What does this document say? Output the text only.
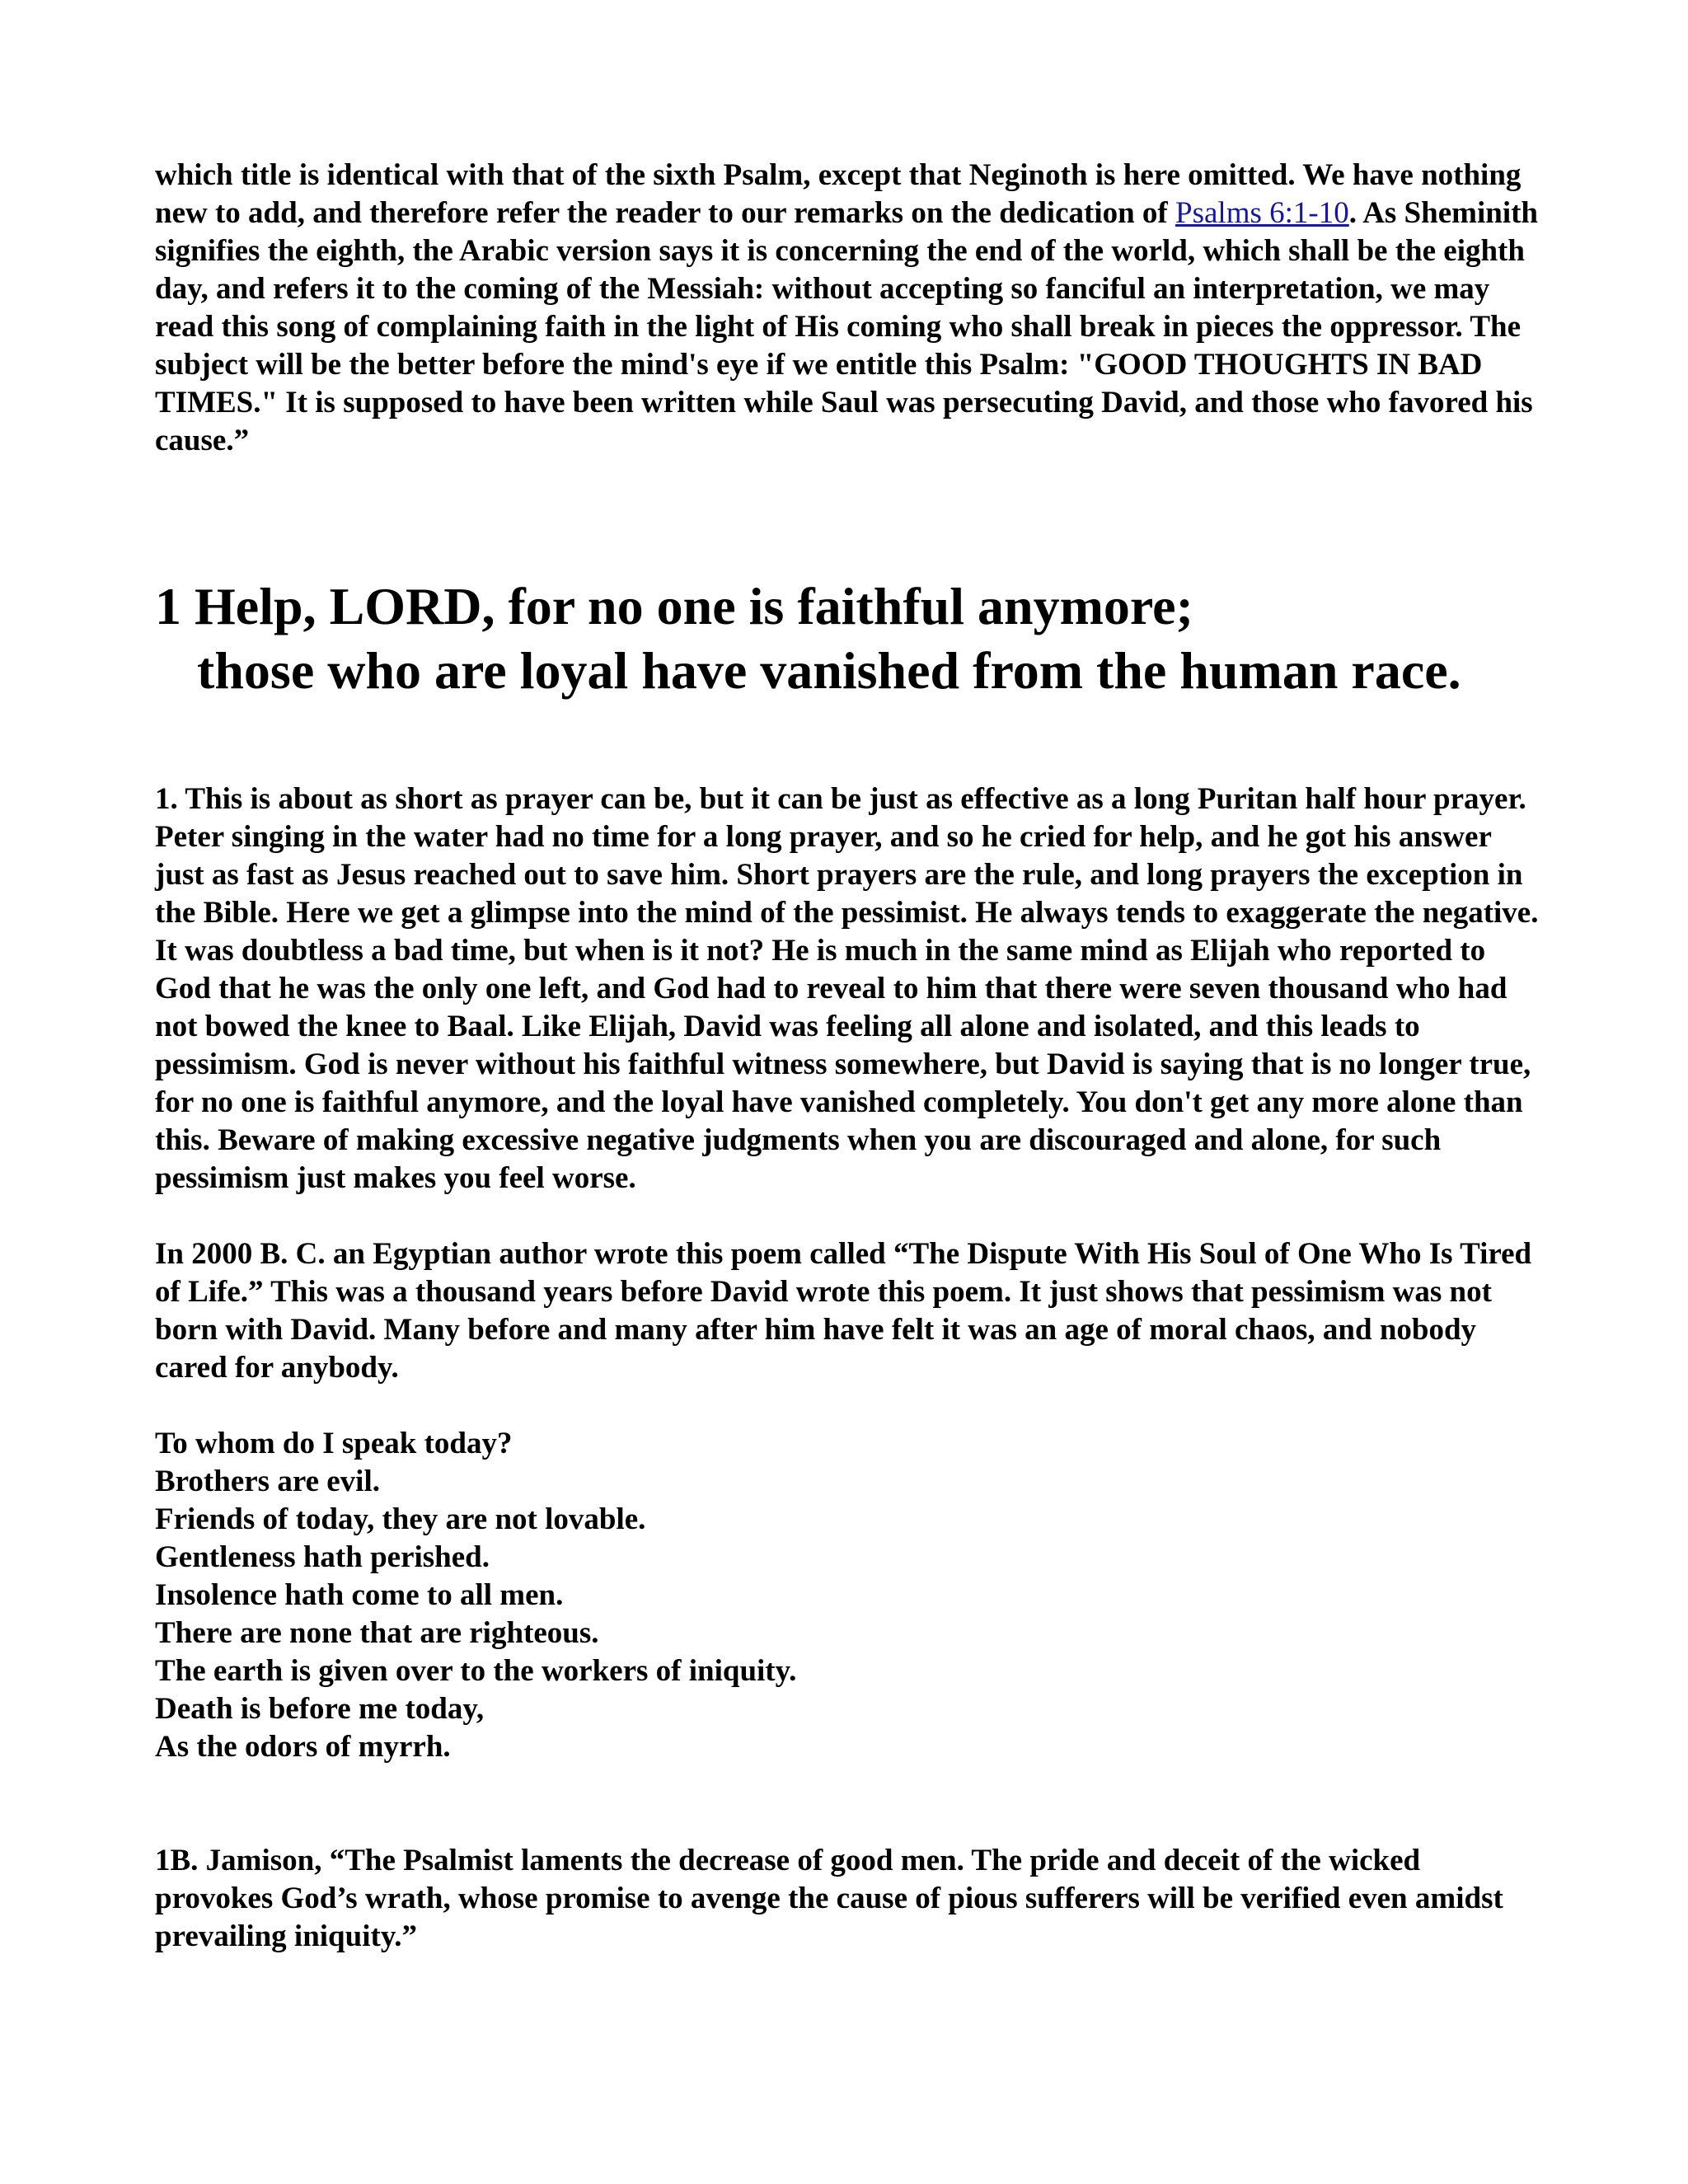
which title is identical with that of the sixth Psalm, except that Neginoth is here omitted. We have nothing new to add, and therefore refer the reader to our remarks on the dedication of Psalms 6:1-10. As Sheminith signifies the eighth, the Arabic version says it is concerning the end of the world, which shall be the eighth day, and refers it to the coming of the Messiah: without accepting so fanciful an interpretation, we may read this song of complaining faith in the light of His coming who shall break in pieces the oppressor. The subject will be the better before the mind's eye if we entitle this Psalm: "GOOD THOUGHTS IN BAD TIMES." It is supposed to have been written while Saul was persecuting David, and those who favored his cause.”

1 Help, LORD, for no one is faithful anymore;
those who are loyal have vanished from the human race.

1. This is about as short as prayer can be, but it can be just as effective as a long Puritan half hour prayer. Peter singing in the water had no time for a long prayer, and so he cried for help, and he got his answer just as fast as Jesus reached out to save him. Short prayers are the rule, and long prayers the exception in the Bible. Here we get a glimpse into the mind of the pessimist. He always tends to exaggerate the negative. It was doubtless a bad time, but when is it not? He is much in the same mind as Elijah who reported to God that he was the only one left, and God had to reveal to him that there were seven thousand who had not bowed the knee to Baal. Like Elijah, David was feeling all alone and isolated, and this leads to pessimism. God is never without his faithful witness somewhere, but David is saying that is no longer true, for no one is faithful anymore, and the loyal have vanished completely. You don't get any more alone than this. Beware of making excessive negative judgments when you are discouraged and alone, for such pessimism just makes you feel worse.

In 2000 B. C. an Egyptian author wrote this poem called “The Dispute With His Soul of One Who Is Tired of Life.” This was a thousand years before David wrote this poem. It just shows that pessimism was not born with David. Many before and many after him have felt it was an age of moral chaos, and nobody cared for anybody.

To whom do I speak today?
Brothers are evil.
Friends of today, they are not lovable.
Gentleness hath perished.
Insolence hath come to all men.
There are none that are righteous.
The earth is given over to the workers of iniquity.
Death is before me today,
As the odors of myrrh.

1B. Jamison, “The Psalmist laments the decrease of good men. The pride and deceit of the wicked provokes God’s wrath, whose promise to avenge the cause of pious sufferers will be verified even amidst prevailing iniquity.”
